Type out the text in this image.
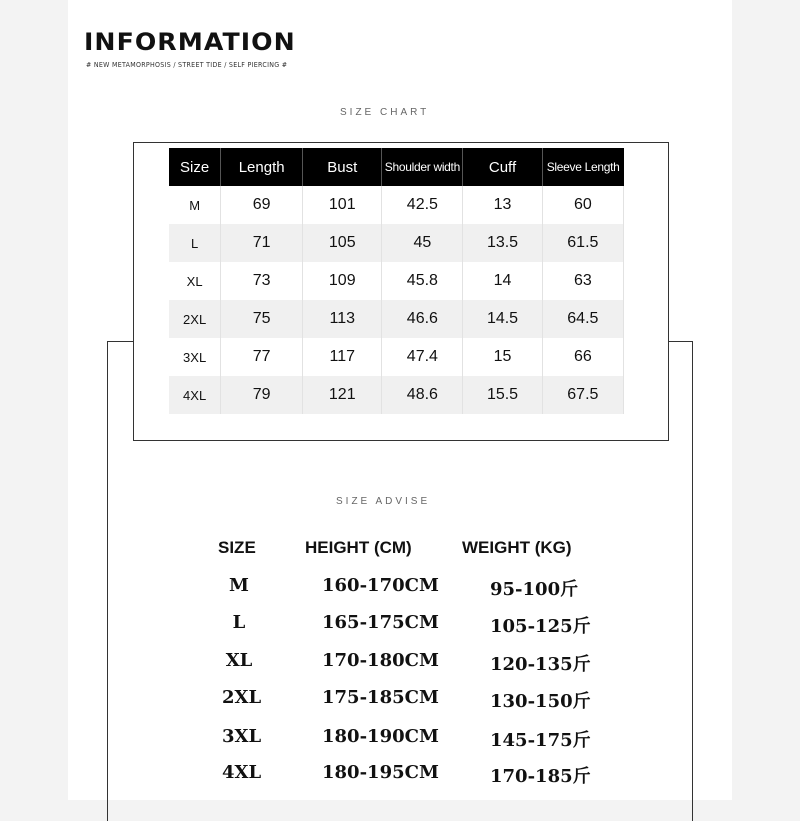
INFORMATION
# NEW METAMORPHOSIS / STREET TIDE / SELF PIERCING #
SIZE CHART
Size	Length	Bust	Shoulder width	Cuff	Sleeve Length
M	69	101	42.5	13	60
L	71	105	45	13.5	61.5
XL	73	109	45.8	14	63
2XL	75	113	46.6	14.5	64.5
3XL	77	117	47.4	15	66
4XL	79	121	48.6	15.5	67.5
SIZE ADVISE
SIZE	HEIGHT (CM)	WEIGHT (KG)
M	160-170CM	95-100斤
L	165-175CM	105-125斤
XL	170-180CM	120-135斤
2XL	175-185CM	130-150斤
3XL	180-190CM	145-175斤
4XL	180-195CM	170-185斤
